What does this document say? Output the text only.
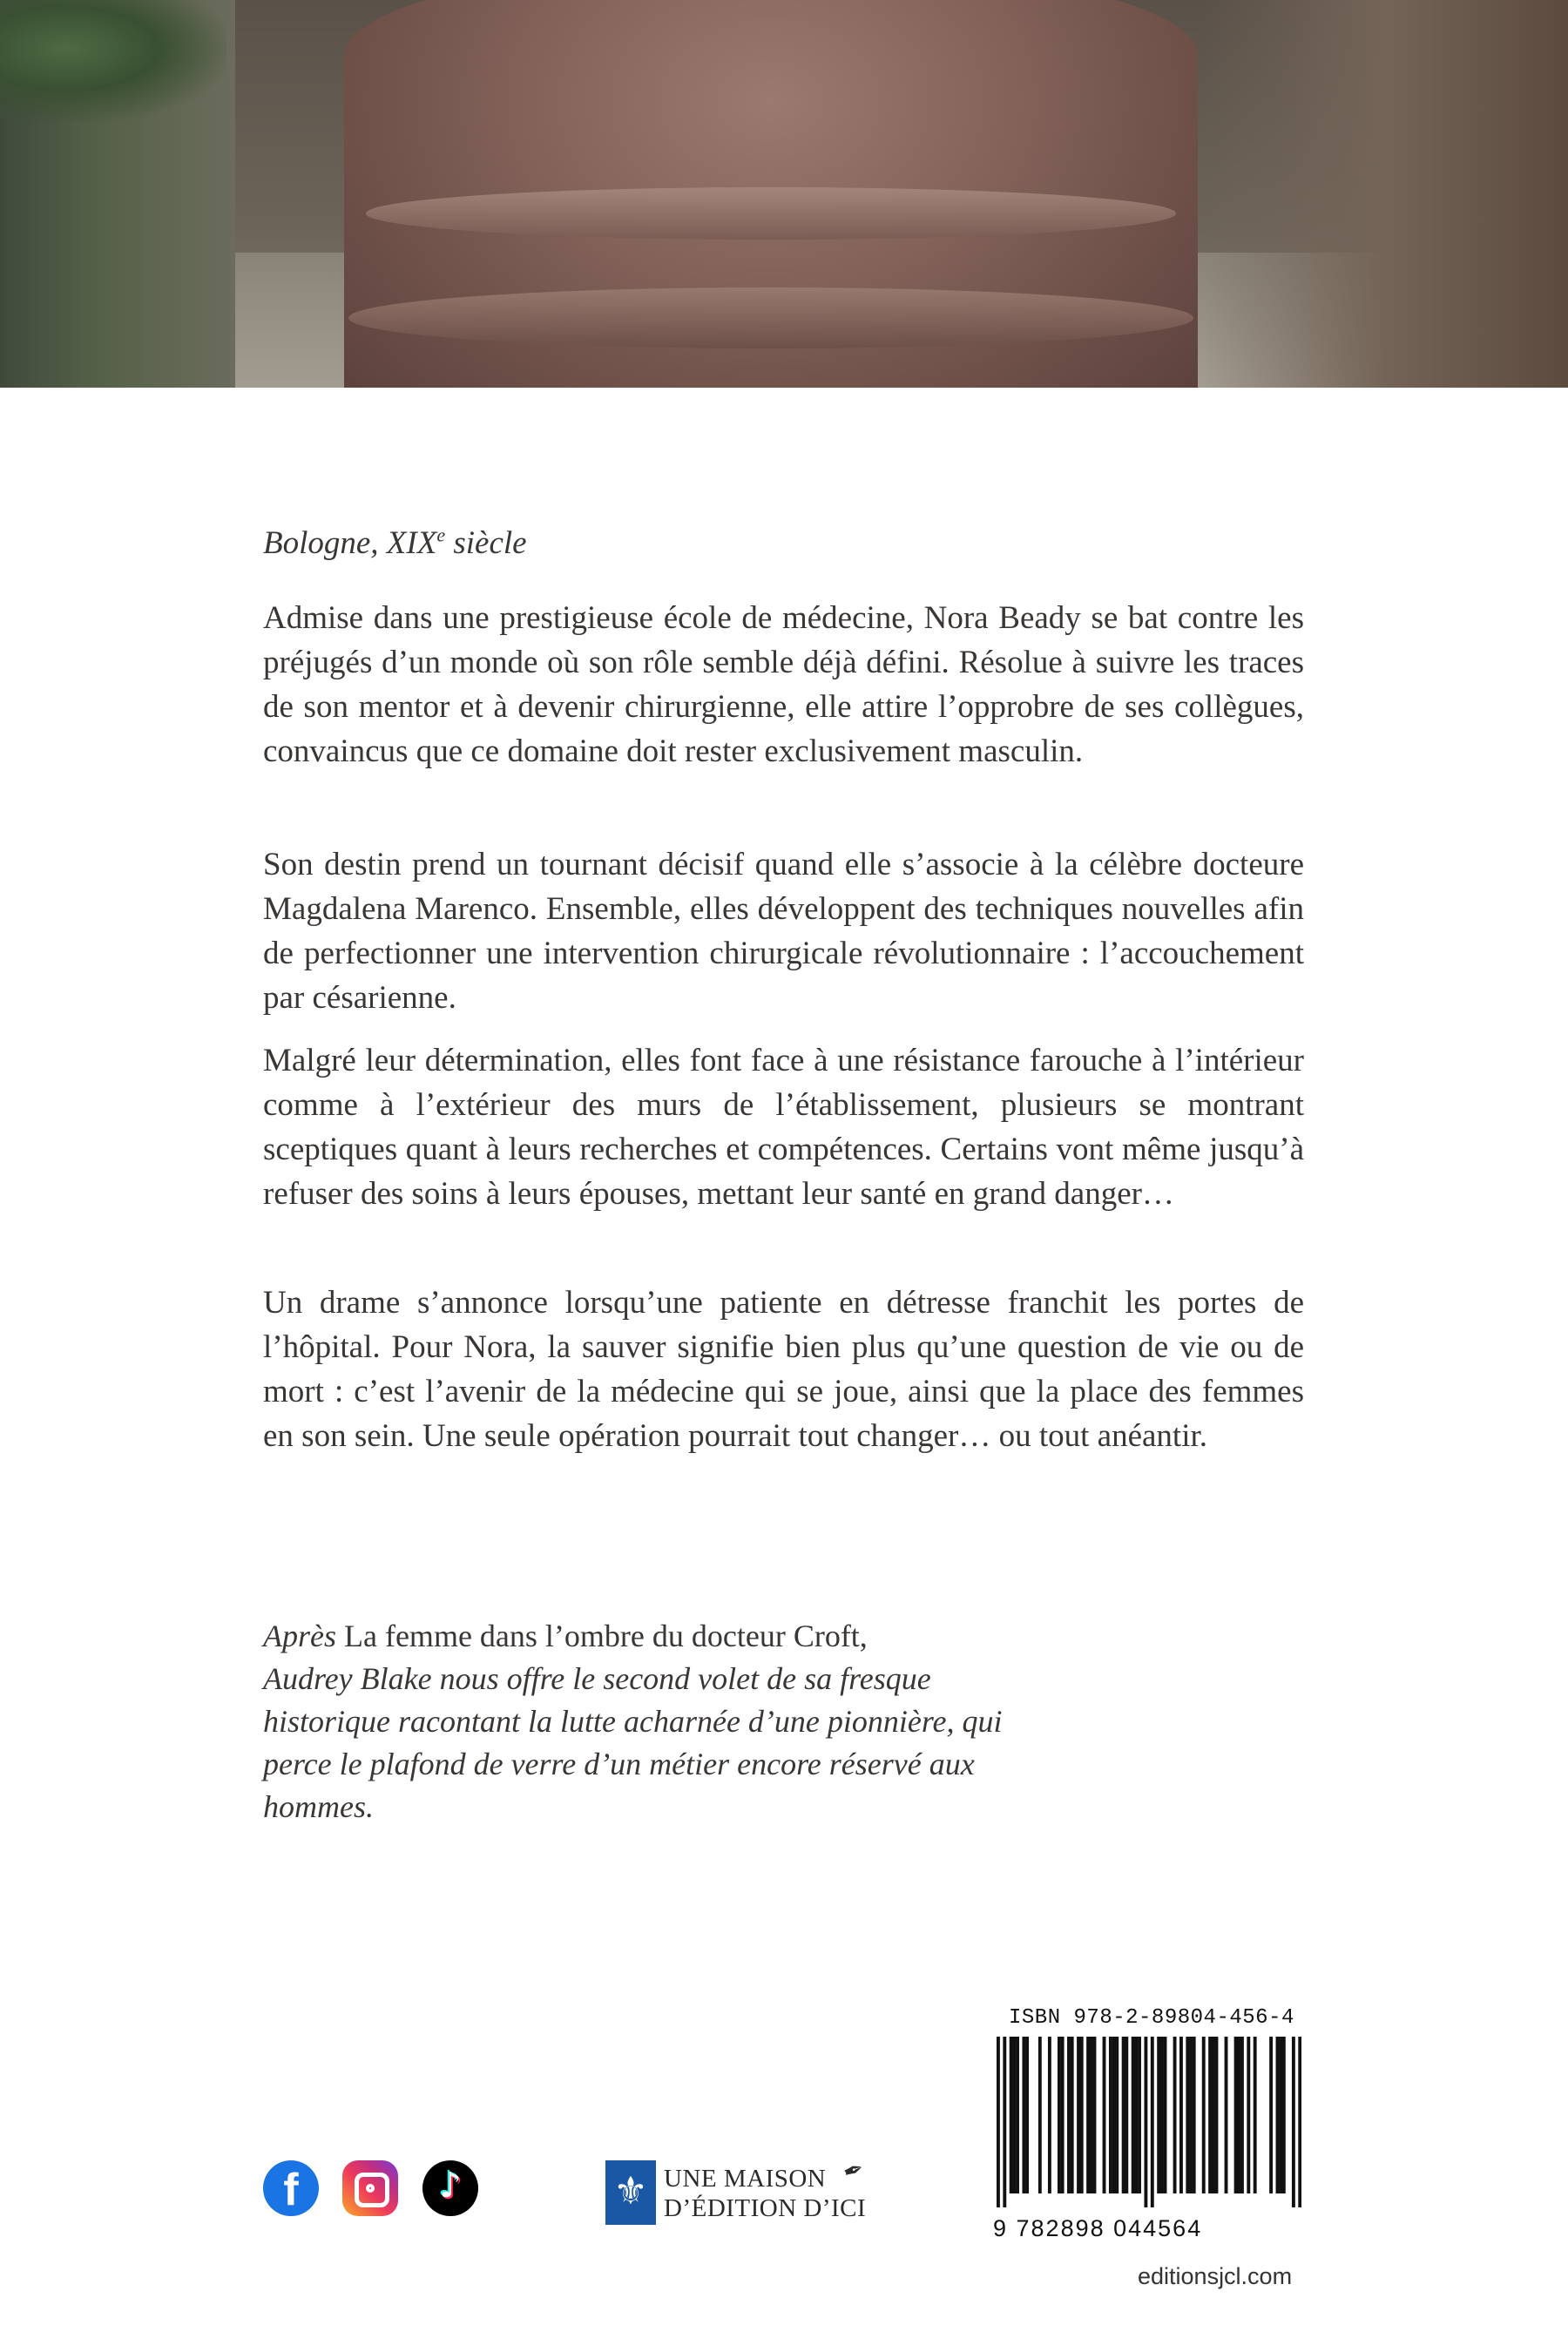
Bologne, XIXe siècle

Admise dans une prestigieuse école de médecine, Nora Beady se bat contre les préjugés d’un monde où son rôle semble déjà défini. Résolue à suivre les traces de son mentor et à devenir chirurgienne, elle attire l’opprobre de ses collègues, convaincus que ce domaine doit rester exclusivement masculin.

Son destin prend un tournant décisif quand elle s’associe à la célèbre docteure Magdalena Marenco. Ensemble, elles développent des techniques nouvelles afin de perfectionner une intervention chirurgicale révolutionnaire : l’accouchement par césarienne.

Malgré leur détermination, elles font face à une résistance farouche à l’intérieur comme à l’extérieur des murs de l’établissement, plusieurs se montrant sceptiques quant à leurs recherches et compétences. Certains vont même jusqu’à refuser des soins à leurs épouses, mettant leur santé en grand danger…

Un drame s’annonce lorsqu’une patiente en détresse franchit les portes de l’hôpital. Pour Nora, la sauver signifie bien plus qu’une question de vie ou de mort : c’est l’avenir de la médecine qui se joue, ainsi que la place des femmes en son sein. Une seule opération pourrait tout changer… ou tout anéantir.

Après La femme dans l’ombre du docteur Croft,
Audrey Blake nous offre le second volet de sa fresque historique racontant la lutte acharnée d’une pionnière, qui perce le plafond de verre d’un métier encore réservé aux hommes.
f	♪	⚜ UNE MAISON
D’ÉDITION D’ICI
✒
ISBN 978-2-89804-456-4
9 782898 044564
editionsjcl.com
